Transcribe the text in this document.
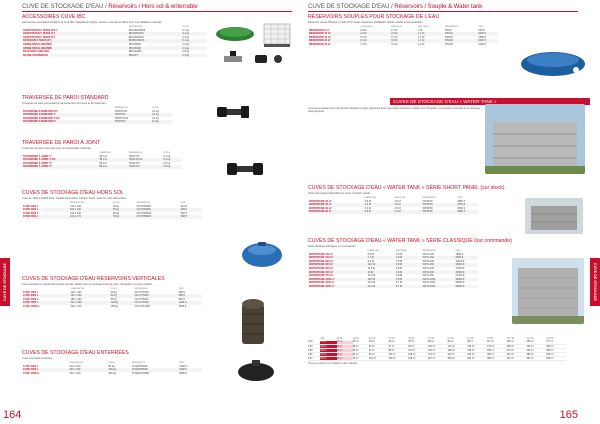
CUVE DE STOCKAGE D'EAU / Réservoirs / Hors sol & enterrable
CUVE DE STOCKAGE
ACCESSOIRES CUVE IBC
Accessoires permettant d'équiper la cuve IBC. Adaptateurs filetés, vannes, raccords et filtres pour une utilisation optimale.
	RÉFÉRENCE	POIDS
ADAPTATEUR F S60X6 (3/4")	IBCAD60X634	0,1 kg
ADAPTATEUR F S60X6 (1")	IBCAD60X61	0,1 kg
ADAPTATEUR F S60X6 (2")	IBCAD60X62	0,2 kg
BOUCHON F S60X6 (2")	IBCBOU60X6	0,1 kg
VANNE PAPILLON DN50	IBCVAN50	1,2 kg
VANNE PAPILLON DN80	IBCVAN80	2,1 kg
RACCORD CAMLOCK	IBCCAM50	0,5 kg
FILTRE COUVERCLE	IBCFILT	0,3 kg
TRAVERSÉE DE PAROI STANDARD
Traversée de paroi permettant le raccordement de cuves et de réservoirs.
	RÉFÉRENCE	POIDS
TRAVERSÉE STANDARD 3/4"	TRAVST34	0,1 kg
TRAVERSÉE STANDARD 1"	TRAVST1	0,1 kg
TRAVERSÉE STANDARD 1"1/2	TRAVST112	0,2 kg
TRAVERSÉE STANDARD 2"	TRAVST2	0,3 kg
TRAVERSÉE DE PAROI À JOINT
Traversée de paroi avec joint pour une étanchéité renforcée.
	DIAMÈTRE	RÉFÉRENCE	POIDS
TRAVERSÉE À JOINT 1"	33 mm	TRAVJT1	0,1 kg
TRAVERSÉE À JOINT 1"1/2	48 mm	TRAVJT112	0,2 kg
TRAVERSÉE À JOINT 2"	60 mm	TRAVJT2	0,3 kg
TRAVERSÉE À JOINT 3"	89 mm	TRAVJT3	0,5 kg
CUVES DE STOCKAGE D'EAU HORS SOL
Cuve de 1000 à 10000 litres. Qualité alimentaire. Couleur bleue, verte ou noire disponibles.
	DIMENSIONS	POIDS	RÉFÉRENCE	PRIX
CUVE 1000 L	140 x 100	18 kg	CUVHS1000	312 €
CUVE 2000 L	180 x 120	35 kg	CUVHS2000	489 €
CUVE 3000 L	210 x 140	48 kg	CUVHS3000	652 €
CUVE 5000 L	240 x 170	78 kg	CUVHS5000	958 €
CUVES DE STOCKAGE D'EAU RÉSERVOIRS VERTICALES
Cuve verticale en polyéthylène haute densité. Idéale pour le stockage d'eau de pluie, d'irrigation ou d'eau potable.
	DIMENSIONS	POIDS	RÉFÉRENCE	PRIX
CUVE 1500 L	120 x 160	30 kg	CUVVT1500	385 €
CUVE 3000 L	150 x 200	52 kg	CUVVT3000	598 €
CUVE 5000 L	180 x 230	85 kg	CUVVT5000	890 €
CUVE 7500 L	210 x 250	120 kg	CUVVT7500	1245 €
CUVE 10000 L	240 x 270	165 kg	CUVVT10000	1590 €
CUVES DE STOCKAGE D'EAU ENTERRÉES
Cuve enterrable renforcée.
	DIMENSIONS	POIDS	RÉFÉRENCE	PRIX
CUVE 3000 L	210 x 160	95 kg	CUVENT3000	1250 €
CUVE 5000 L	240 x 190	140 kg	CUVENT5000	1690 €
CUVE 10000 L	310 x 230	260 kg	CUVENT10000	2890 €
164
CUVE DE STOCKAGE D'EAU / Réservoirs / Souple & Water tank
CUVE DE STOCKAGE
RÉSERVOIRS SOUPLES POUR STOCKAGE DE L'EAU
Réservoir souple fabriqué en toile PVC haute résistance. Installation rapide, pliable et transportable.
	LONGUEUR	LARGEUR	HAUTEUR	RÉFÉRENCE	PRIX
RÉSERVOIR 5 m³	2,9 M	2,4 M	1 M	RSV5	780 €
RÉSERVOIR 10 m³	4,2 M	2,9 M	1,1 M	RSV10	1090 €
RÉSERVOIR 15 m³	5,3 M	3,1 M	1,1 M	RSV15	1380 €
RÉSERVOIR 20 m³	6,1 M	3,5 M	1,1 M	RSV20	1620 €
RÉSERVOIR 30 m³	7,3 M	4,1 M	1,2 M	RSV30	2150 €
CUVES DE STOCKAGE D'EAU « WATER-TANK »
Cuve de stockage d'eau de grande capacité en acier galvanisé avec membrane intérieure. Idéale pour l'irrigation, la protection incendie et le stockage d'eau agricole.
CUVES DE STOCKAGE D'EAU « WATER TANK » SÉRIE SHORT PANEL (sur stock)
Série short panel disponible sur stock, livraison rapide.
	DIAMÈTRE	HAUTEUR	RÉFÉRENCE	PRIX
WATERTANK 30 m³	3,8 M	2,5 M	WTSP30	3890 €
WATERTANK 45 m³	4,6 M	2,5 M	WTSP45	4750 €
WATERTANK 60 m³	5,3 M	2,5 M	WTSP60	5490 €
WATERTANK 90 m³	6,8 M	2,5 M	WTSP90	6980 €
CUVES DE STOCKAGE D'EAU « WATER TANK » SÉRIE CLASSIQUE (sur commande)
Série classique fabriquée sur commande.
	DIAMÈTRE	HAUTEUR	RÉFÉRENCE	PRIX
WATERTANK 100 m³	5,8 M	3,8 M	WTCL100	7850 €
WATERTANK 150 m³	7,1 M	3,8 M	WTCL150	9450 €
WATERTANK 200 m³	8,2 M	3,8 M	WTCL200	11200 €
WATERTANK 300 m³	10,1 M	3,8 M	WTCL300	14500 €
WATERTANK 400 m³	11,6 M	3,8 M	WTCL400	17800 €
WATERTANK 500 m³	13 M	3,8 M	WTCL500	20900 €
WATERTANK 750 m³	15,9 M	3,8 M	WTCL750	27400 €
WATERTANK 1000 m³	18,3 M	3,8 M	WTCL1000	33900 €
WATERTANK 1500 m³	18,3 M	5,7 M	WTCL1500	44500 €
WATERTANK 2000 m³	21,2 M	5,7 M	WTCL2000	55900 €
	3 M	3,8 M	4,6 M	5,3 M	6,1 M	6,8 M	7,6 M	8,4 M	9,1 M	9,9 M	10,7 M	11,4 M	12,2 M
1,52	10 m³	17 m³	25 m³	33 m³	44 m³	55 m³	69 m³	84 m³	99 m³	117 m³	136 m³	156 m³	177 m³
2,29	16 m³	26 m³	38 m³	50 m³	67 m³	83 m³	104 m³	127 m³	149 m³	176 m³	205 m³	234 m³	267 m³
3,05	21 m³	34 m³	50 m³	67 m³	89 m³	111 m³	138 m³	169 m³	198 m³	235 m³	274 m³	311 m³	356 m³
3,81	27 m³	43 m³	63 m³	84 m³	111 m³	138 m³	173 m³	211 m³	248 m³	293 m³	342 m³	389 m³	445 m³
4,57	32 m³	52 m³	76 m³	101 m³	133 m³	166 m³	207 m³	253 m³	297 m³	352 m³	411 m³	467 m³	534 m³
Tous les volumes sont indiqués à titre indicatif.
165
